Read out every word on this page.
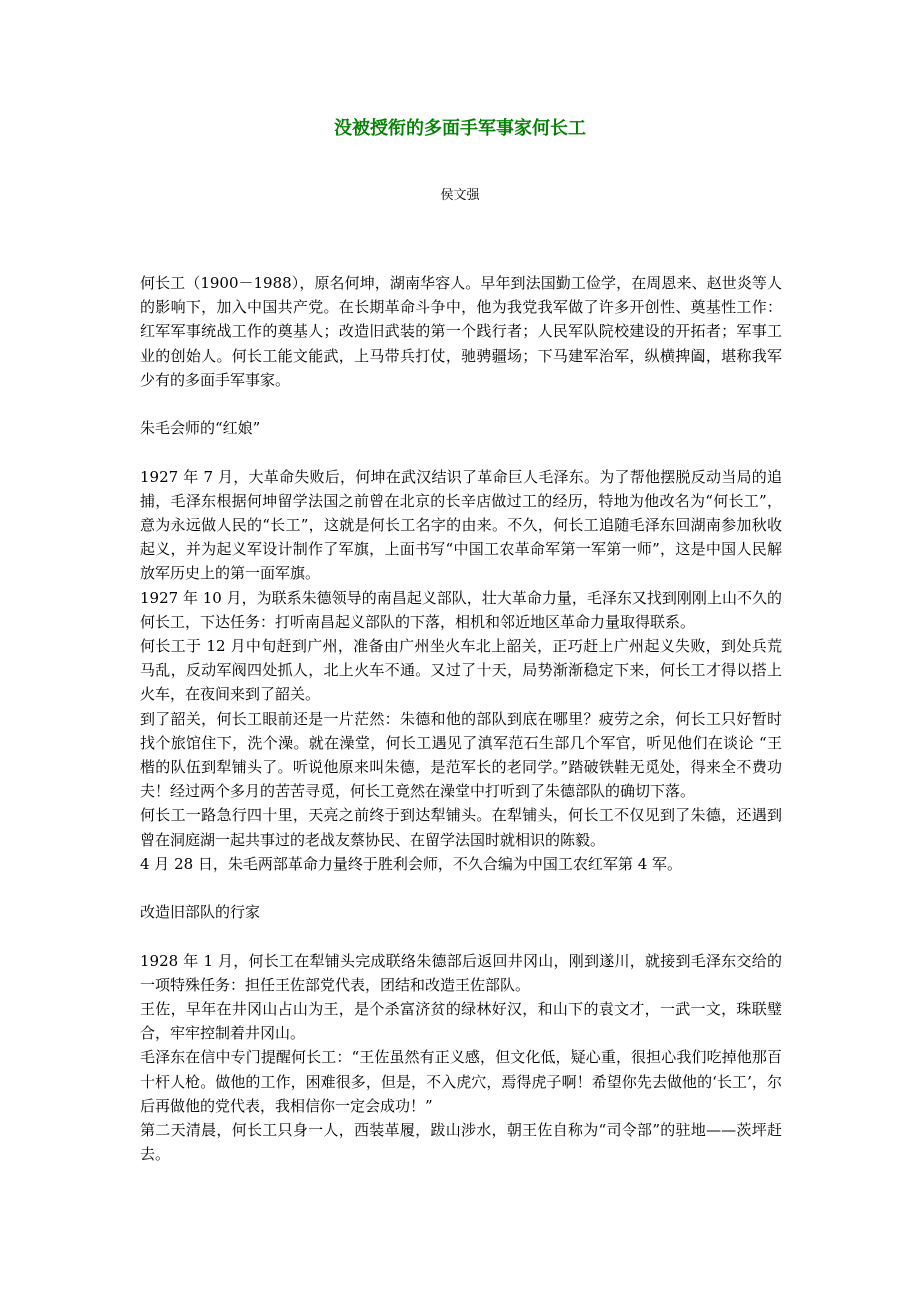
没被授衔的多面手军事家何长工
侯文强

何长工（1900－1988），原名何坤，湖南华容人。早年到法国勤工俭学，在周恩来、赵世炎等人的影响下，加入中国共产党。在长期革命斗争中，他为我党我军做了许多开创性、奠基性工作：红军军事统战工作的奠基人；改造旧武装的第一个践行者；人民军队院校建设的开拓者；军事工业的创始人。何长工能文能武，上马带兵打仗，驰骋疆场；下马建军治军，纵横捭阖，堪称我军少有的多面手军事家。

朱毛会师的“红娘”

1927 年 7 月，大革命失败后，何坤在武汉结识了革命巨人毛泽东。为了帮他摆脱反动当局的追捕，毛泽东根据何坤留学法国之前曾在北京的长辛店做过工的经历，特地为他改名为“何长工”，意为永远做人民的“长工”，这就是何长工名字的由来。不久，何长工追随毛泽东回湖南参加秋收起义，并为起义军设计制作了军旗，上面书写“中国工农革命军第一军第一师”，这是中国人民解放军历史上的第一面军旗。

1927 年 10 月，为联系朱德领导的南昌起义部队，壮大革命力量，毛泽东又找到刚刚上山不久的何长工，下达任务：打听南昌起义部队的下落，相机和邻近地区革命力量取得联系。

何长工于 12 月中旬赶到广州，准备由广州坐火车北上韶关，正巧赶上广州起义失败，到处兵荒马乱，反动军阀四处抓人，北上火车不通。又过了十天，局势渐渐稳定下来，何长工才得以搭上火车，在夜间来到了韶关。

到了韶关，何长工眼前还是一片茫然：朱德和他的部队到底在哪里？疲劳之余，何长工只好暂时找个旅馆住下，洗个澡。就在澡堂，何长工遇见了滇军范石生部几个军官，听见他们在谈论 “王楷的队伍到犁铺头了。听说他原来叫朱德，是范军长的老同学。”踏破铁鞋无觅处，得来全不费功夫！经过两个多月的苦苦寻觅，何长工竟然在澡堂中打听到了朱德部队的确切下落。

何长工一路急行四十里，天亮之前终于到达犁铺头。在犁铺头，何长工不仅见到了朱德，还遇到曾在洞庭湖一起共事过的老战友蔡协民、在留学法国时就相识的陈毅。

4 月 28 日，朱毛两部革命力量终于胜利会师，不久合编为中国工农红军第 4 军。

改造旧部队的行家

1928 年 1 月，何长工在犁铺头完成联络朱德部后返回井冈山，刚到遂川，就接到毛泽东交给的一项特殊任务：担任王佐部党代表，团结和改造王佐部队。

王佐，早年在井冈山占山为王，是个杀富济贫的绿林好汉，和山下的袁文才，一武一文，珠联璧合，牢牢控制着井冈山。

毛泽东在信中专门提醒何长工：“王佐虽然有正义感，但文化低，疑心重，很担心我们吃掉他那百十杆人枪。做他的工作，困难很多，但是，不入虎穴，焉得虎子啊！希望你先去做他的‘长工’，尔后再做他的党代表，我相信你一定会成功！”

第二天清晨，何长工只身一人，西装革履，跋山涉水，朝王佐自称为“司令部”的驻地——茨坪赶去。
